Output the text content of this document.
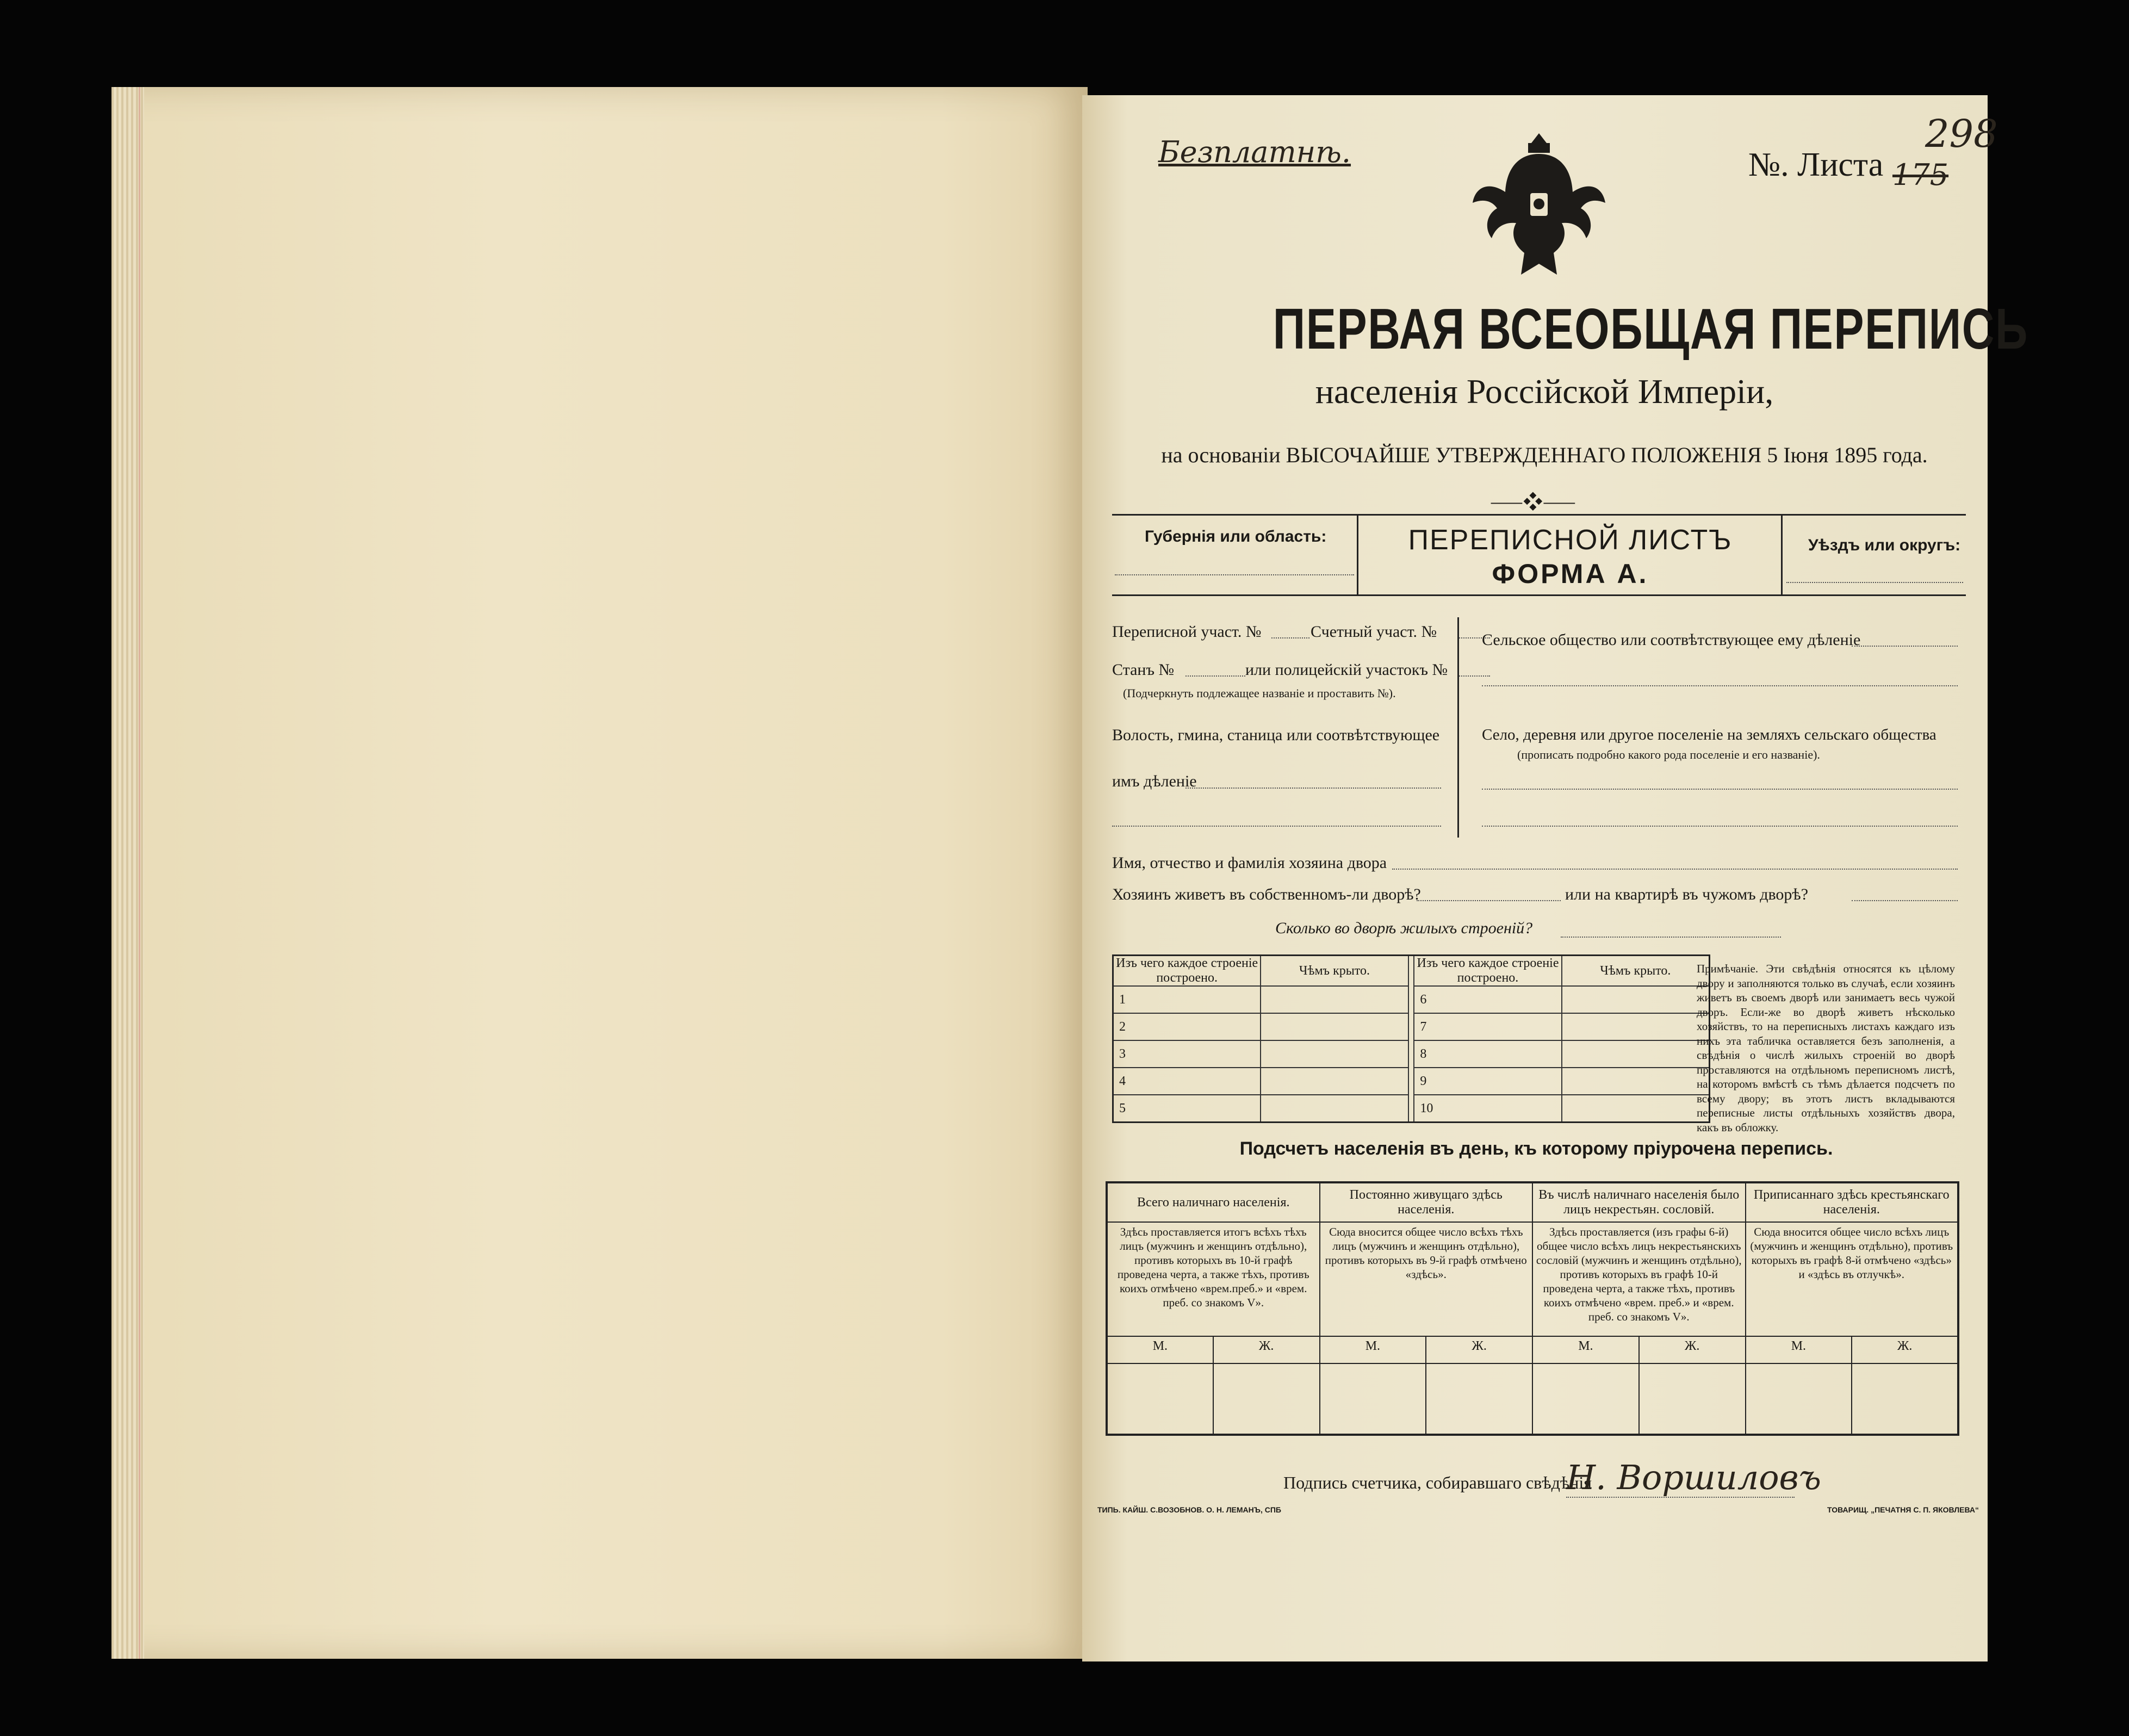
Безплатнѣ.	№. Листа
298
175
ПЕРВАЯ ВСЕОБЩАЯ ПЕРЕПИСЬ
населенія Россійской Имперіи,
на основаніи ВЫСОЧАЙШЕ УТВЕРЖДЕННАГО ПОЛОЖЕНІЯ 5 Іюня 1895 года.
⸺❖⸺
Губернія или область:	ПЕРЕПИСНОЙ ЛИСТЪ
ФОРМА А.
Уѣздъ или округъ:
Переписной участ. №	Счетный участ. №
Станъ №	или полицейскій участокъ №
(Подчеркнуть подлежащее названіе и проставить №).
Волость, гмина, станица или соотвѣтствующее
имъ дѣленіе
Сельское общество или соотвѣтствующее ему дѣленіе
Село, деревня или другое поселеніе на земляхъ сельскаго общества
(прописать подробно какого рода поселеніе и его названіе).
Имя, отчество и фамилія хозяина двора
Хозяинъ живетъ въ собственномъ-ли дворѣ?	или на квартирѣ въ чужомъ дворѣ?
Сколько во дворѣ жилыхъ строеній?
Изъ чего каждое строеніе построено.	Чѣмъ крыто.		Изъ чего каждое строеніе построено.	Чѣмъ крыто.
1			6	
2			7	
3			8	
4			9	
5			10	
Примѣчаніе. Эти свѣдѣнія относятся къ цѣлому двору и заполняются только въ случаѣ, если хозяинъ живетъ въ своемъ дворѣ или занимаетъ весь чужой дворъ. Если-же во дворѣ живетъ нѣсколько хозяйствъ, то на переписныхъ листахъ каждаго изъ нихъ эта табличка оставляется безъ заполненія, а свѣдѣнія о числѣ жилыхъ строеній во дворѣ проставляются на отдѣльномъ переписномъ листѣ, на которомъ вмѣстѣ съ тѣмъ дѣлается подсчетъ по всему двору; въ этотъ листъ вкладываются переписные листы отдѣльныхъ хозяйствъ двора, какъ въ обложку.
Подсчетъ населенія въ день, къ которому пріурочена перепись.
Всего наличнаго населенія.		Постоянно живущаго здѣсь населенія.		Въ числѣ наличнаго населенія было лицъ некрестьян. сословій.		Приписаннаго здѣсь крестьянскаго населенія.	
Здѣсь проставляется итогъ всѣхъ тѣхъ лицъ (мужчинъ и женщинъ отдѣльно), противъ которыхъ въ 10-й графѣ проведена черта, а также тѣхъ, противъ коихъ отмѣчено «врем.преб.» и «врем. преб. со знакомъ V».		Сюда вносится общее число всѣхъ тѣхъ лицъ (мужчинъ и женщинъ отдѣльно), противъ которыхъ въ 9-й графѣ отмѣчено «здѣсь».		Здѣсь проставляется (изъ графы 6-й) общее число всѣхъ лицъ некрестьянскихъ сословій (мужчинъ и женщинъ отдѣльно), противъ которыхъ въ графѣ 10-й проведена черта, а также тѣхъ, противъ коихъ отмѣчено «врем. преб.» и «врем. преб. со знакомъ V».		Сюда вносится общее число всѣхъ лицъ (мужчинъ и женщинъ отдѣльно), противъ которыхъ въ графѣ 8-й отмѣчено «здѣсь» и «здѣсь въ отлучкѣ».	
М.	Ж.	М.	Ж.	М.	Ж.	М.	Ж.

Подпись счетчика, собиравшаго свѣдѣнія
Н. Воршиловъ
ТИПЬ. КАЙШ. С.ВОЗОБНОВ. О. Н. ЛЕМАНЪ, СПБ	ТОВАРИЩ. „ПЕЧАТНЯ С. П. ЯКОВЛЕВА“
